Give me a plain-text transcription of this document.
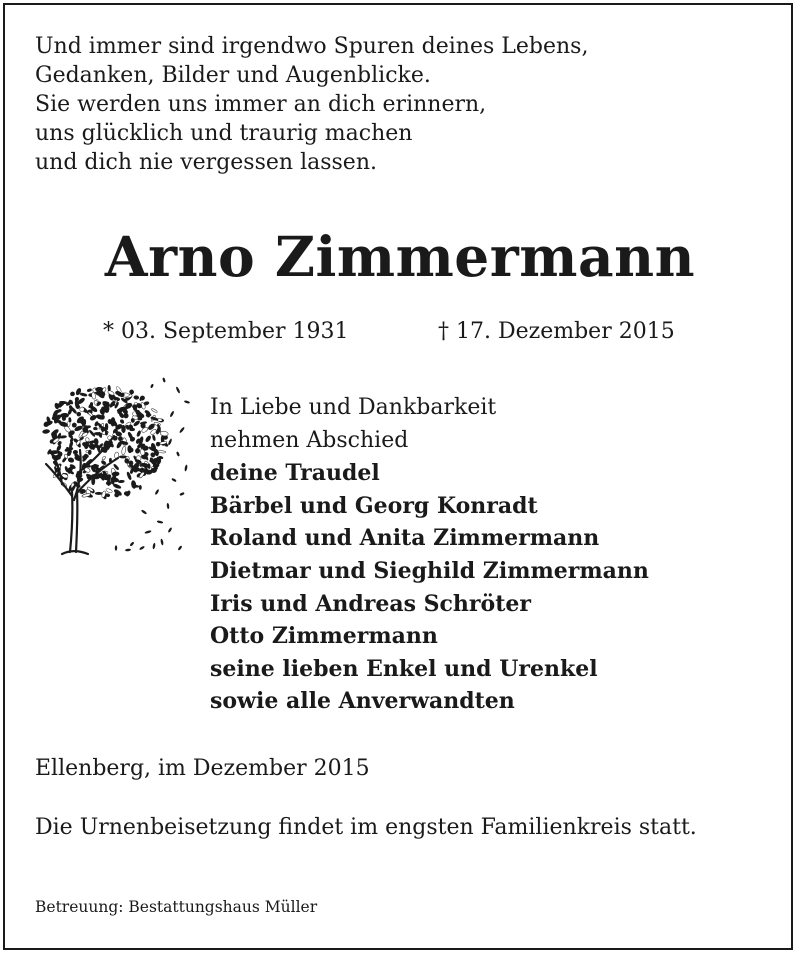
Und immer sind irgendwo Spuren deines Lebens,
Gedanken, Bilder und Augenblicke.
Sie werden uns immer an dich erinnern,
uns glücklich und traurig machen
und dich nie vergessen lassen.
Arno Zimmermann
* 03. September 1931	† 17. Dezember 2015
In Liebe und Dankbarkeit
nehmen Abschied
deine Traudel
Bärbel und Georg Konradt
Roland und Anita Zimmermann
Dietmar und Sieghild Zimmermann
Iris und Andreas Schröter
Otto Zimmermann
seine lieben Enkel und Urenkel
sowie alle Anverwandten
Ellenberg, im Dezember 2015
Die Urnenbeisetzung findet im engsten Familienkreis statt.
Betreuung: Bestattungshaus Müller
